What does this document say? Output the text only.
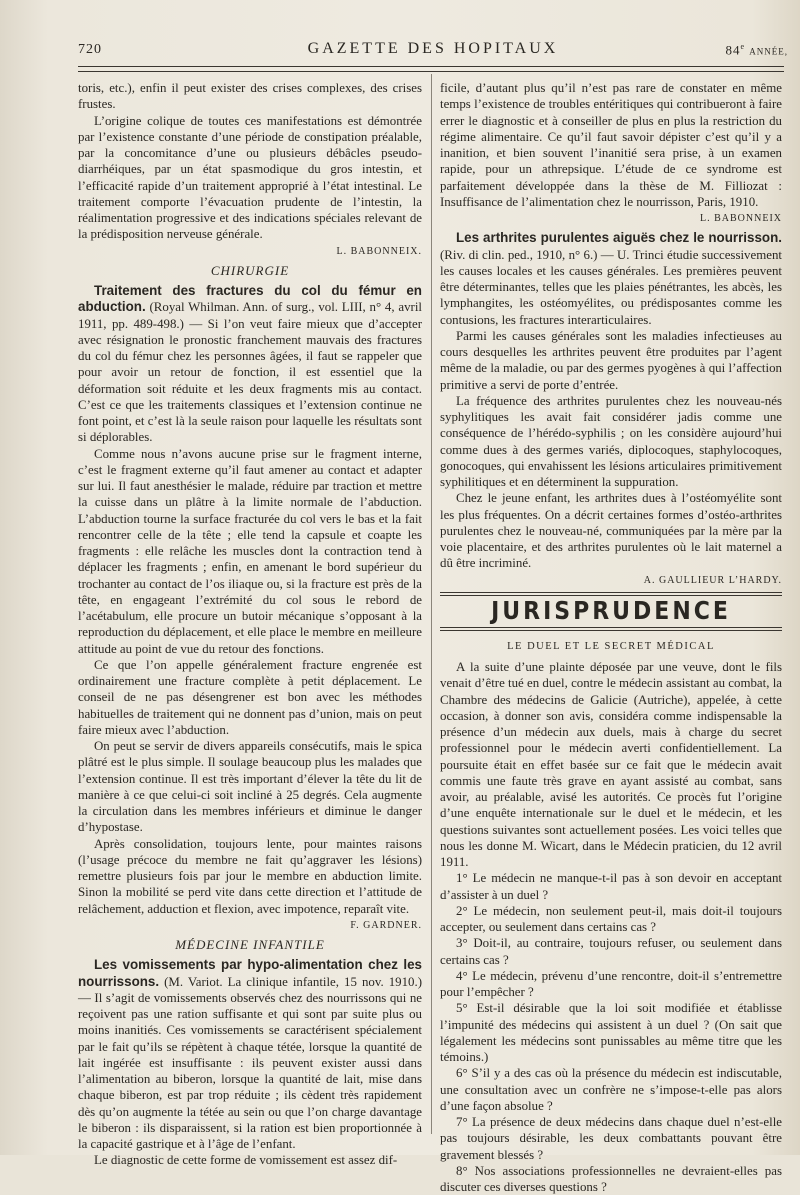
720	GAZETTE DES HOPITAUX	84e ANNÉE,

toris, etc.), enfin il peut exister des crises complexes, des crises frustes.

L’origine colique de toutes ces manifestations est démontrée par l’existence constante d’une période de constipation préalable, par la concomitance d’une ou plusieurs débâcles pseudo-diarrhéiques, par un état spasmodique du gros intestin, et l’efficacité rapide d’un traitement approprié à l’état intestinal. Le traitement comporte l’évacuation prudente de l’intestin, la réalimentation progressive et des indications spéciales relevant de la prédisposition nerveuse générale.

L. BABONNEIX.

CHIRURGIE

Traitement des fractures du col du fémur en abduction. (Royal Whilman. Ann. of surg., vol. LIII, n° 4, avril 1911, pp. 489-498.) — Si l’on veut faire mieux que d’accepter avec résignation le pronostic franchement mauvais des fractures du col du fémur chez les personnes âgées, il faut se rappeler que pour avoir un retour de fonction, il est essentiel que la déformation soit réduite et les deux fragments mis au contact. C’est ce que les traitements classiques et l’extension continue ne font point, et c’est là la seule raison pour laquelle les résultats sont si déplorables.

Comme nous n’avons aucune prise sur le fragment interne, c’est le fragment externe qu’il faut amener au contact et adapter sur lui. Il faut anesthésier le malade, réduire par traction et mettre la cuisse dans un plâtre à la limite normale de l’abduction. L’abduction tourne la surface fracturée du col vers le bas et la fait rencontrer celle de la tête ; elle tend la capsule et coapte les fragments : elle relâche les muscles dont la contraction tend à déplacer les fragments ; enfin, en amenant le bord supérieur du trochanter au contact de l’os iliaque ou, si la fracture est près de la tête, en engageant l’extrémité du col sous le rebord de l’acétabulum, elle procure un butoir mécanique s’opposant à la reproduction du déplacement, et elle place le membre en meilleure attitude au point de vue du retour des fonctions.

Ce que l’on appelle généralement fracture engrenée est ordinairement une fracture complète à petit déplacement. Le conseil de ne pas désengrener est bon avec les méthodes habituelles de traitement qui ne donnent pas d’union, mais on peut faire mieux avec l’abduction.

On peut se servir de divers appareils consécutifs, mais le spica plâtré est le plus simple. Il soulage beaucoup plus les malades que l’extension continue. Il est très important d’élever la tête du lit de manière à ce que celui-ci soit incliné à 25 degrés. Cela augmente la circulation dans les membres inférieurs et diminue le danger d’hypostase.

Après consolidation, toujours lente, pour maintes raisons (l’usage précoce du membre ne fait qu’aggraver les lésions) remettre plusieurs fois par jour le membre en abduction limite. Sinon la mobilité se perd vite dans cette direction et l’attitude de relâchement, adduction et flexion, avec impotence, reparaît vite.

F. GARDNER.

MÉDECINE INFANTILE

Les vomissements par hypo-alimentation chez les nourrissons. (M. Variot. La clinique infantile, 15 nov. 1910.) — Il s’agit de vomissements observés chez des nourrissons qui ne reçoivent pas une ration suffisante et qui sont par suite plus ou moins inanitiés. Ces vomissements se caractérisent spécialement par le fait qu’ils se répètent à chaque tétée, lorsque la quantité de lait ingérée est insuffisante : ils peuvent exister aussi dans l’alimentation au biberon, lorsque la quantité de lait, mise dans chaque biberon, est par trop réduite ; ils cèdent très rapidement dès qu’on augmente la tétée au sein ou que l’on charge davantage le biberon : ils disparaissent, si la ration est bien proportionnée à la capacité gastrique et à l’âge de l’enfant.

Le diagnostic de cette forme de vomissement est assez dif-

ficile, d’autant plus qu’il n’est pas rare de constater en même temps l’existence de troubles entéritiques qui contribueront à faire errer le diagnostic et à conseiller de plus en plus la restriction du régime alimentaire. Ce qu’il faut savoir dépister c’est qu’il y a inanition, et bien souvent l’inanitié sera prise, à un examen rapide, pour un athrepsique. L’étude de ce syndrome est parfaitement développée dans la thèse de M. Filliozat : Insuffisance de l’alimentation chez le nourrisson, Paris, 1910.

L. BABONNEIX

Les arthrites purulentes aiguës chez le nourrisson. (Riv. di clin. ped., 1910, n° 6.) — U. Trinci étudie successivement les causes locales et les causes générales. Les premières peuvent être déterminantes, telles que les plaies pénétrantes, les abcès, les lymphangites, les ostéomyélites, ou prédisposantes comme les contusions, les fractures interarticulaires.

Parmi les causes générales sont les maladies infectieuses au cours desquelles les arthrites peuvent être produites par l’agent même de la maladie, ou par des germes pyogènes à qui l’affection primitive a servi de porte d’entrée.

La fréquence des arthrites purulentes chez les nouveau-nés syphylitiques les avait fait considérer jadis comme une conséquence de l’hérédo-syphilis ; on les considère aujourd’hui comme dues à des germes variés, diplocoques, staphylocoques, gonocoques, qui envahissent les lésions articulaires primitivement syphilitiques et en déterminent la suppuration.

Chez le jeune enfant, les arthrites dues à l’ostéomyélite sont les plus fréquentes. On a décrit certaines formes d’ostéo-arthrites purulentes chez le nouveau-né, communiquées par la mère par la voie placentaire, et des arthrites purulentes où le lait maternel a dû être incriminé.

A. GAULLIEUR L’HARDY.

JURISPRUDENCE
LE DUEL ET LE SECRET MÉDICAL

A la suite d’une plainte déposée par une veuve, dont le fils venait d’être tué en duel, contre le médecin assistant au combat, la Chambre des médecins de Galicie (Autriche), appelée, à cette occasion, à donner son avis, considéra comme indispensable la présence d’un médecin aux duels, mais à charge du secret professionnel pour le médecin averti confidentiellement. La poursuite était en effet basée sur ce fait que le médecin avait commis une faute très grave en ayant assisté au combat, sans avoir, au préalable, avisé les autorités. Ce procès fut l’origine d’une enquête internationale sur le duel et le médecin, et les questions suivantes sont actuellement posées. Les voici telles que nous les donne M. Wicart, dans le Médecin praticien, du 12 avril 1911.

1° Le médecin ne manque-t-il pas à son devoir en acceptant d’assister à un duel ?

2° Le médecin, non seulement peut-il, mais doit-il toujours accepter, ou seulement dans certains cas ?

3° Doit-il, au contraire, toujours refuser, ou seulement dans certains cas ?

4° Le médecin, prévenu d’une rencontre, doit-il s’entremettre pour l’empêcher ?

5° Est-il désirable que la loi soit modifiée et établisse l’impunité des médecins qui assistent à un duel ? (On sait que légalement les médecins sont punissables au même titre que les témoins.)

6° S’il y a des cas où la présence du médecin est indiscutable, une consultation avec un confrère ne s’impose-t-elle pas alors d’une façon absolue ?

7° La présence de deux médecins dans chaque duel n’est-elle pas toujours désirable, les deux combattants pouvant être gravement blessés ?

8° Nos associations professionnelles ne devraient-elles pas discuter ces diverses questions ?
